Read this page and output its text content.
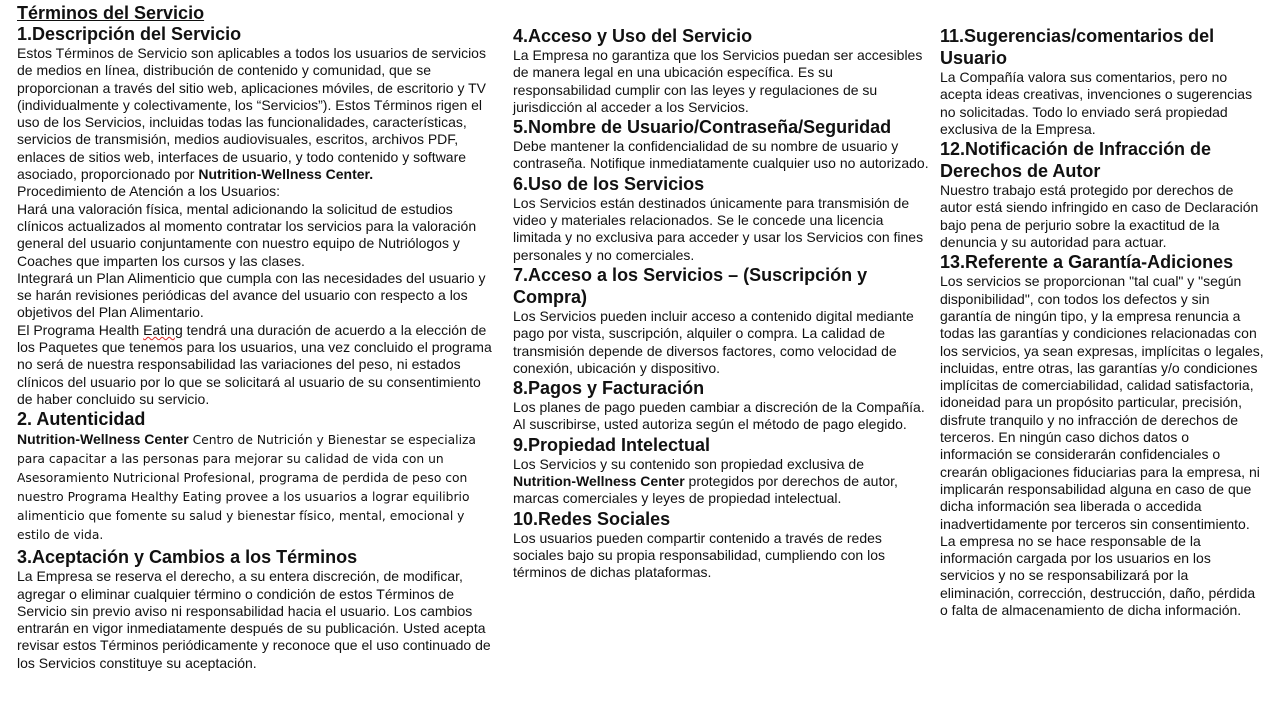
Términos del Servicio
1.Descripción del Servicio

Estos Términos de Servicio son aplicables a todos los usuarios de servicios de medios en línea, distribución de contenido y comunidad, que se proporcionan a través del sitio web, aplicaciones móviles, de escritorio y TV (individualmente y colectivamente, los “Servicios”). Estos Términos rigen el uso de los Servicios, incluidas todas las funcionalidades, características, servicios de transmisión, medios audiovisuales, escritos, archivos PDF, enlaces de sitios web, interfaces de usuario, y todo contenido y software asociado, proporcionado por Nutrition-Wellness Center.

Procedimiento de Atención a los Usuarios:

Hará una valoración física, mental adicionando la solicitud de estudios clínicos actualizados al momento contratar los servicios para la valoración general del usuario conjuntamente con nuestro equipo de Nutriólogos y Coaches que imparten los cursos y las clases.

Integrará un Plan Alimenticio que cumpla con las necesidades del usuario y se harán revisiones periódicas del avance del usuario con respecto a los objetivos del Plan Alimentario.

El Programa Health Eating tendrá una duración de acuerdo a la elección de los Paquetes que tenemos para los usuarios, una vez concluido el programa no será de nuestra responsabilidad las variaciones del peso, ni estados clínicos del usuario por lo que se solicitará al usuario de su consentimiento de haber concluido su servicio.

2. Autenticidad

Nutrition-Wellness Center Centro de Nutrición y Bienestar se especializa para capacitar a las personas para mejorar su calidad de vida con un Asesoramiento Nutricional Profesional, programa de perdida de peso con nuestro Programa Healthy Eating provee a los usuarios a lograr equilibrio alimenticio que fomente su salud y bienestar físico, mental, emocional y estilo de vida.

3.Aceptación y Cambios a los Términos

La Empresa se reserva el derecho, a su entera discreción, de modificar, agregar o eliminar cualquier término o condición de estos Términos de Servicio sin previo aviso ni responsabilidad hacia el usuario. Los cambios entrarán en vigor inmediatamente después de su publicación. Usted acepta revisar estos Términos periódicamente y reconoce que el uso continuado de los Servicios constituye su aceptación.

4.Acceso y Uso del Servicio

La Empresa no garantiza que los Servicios puedan ser accesibles de manera legal en una ubicación específica. Es su responsabilidad cumplir con las leyes y regulaciones de su jurisdicción al acceder a los Servicios.

5.Nombre de Usuario/Contraseña/Seguridad

Debe mantener la confidencialidad de su nombre de usuario y contraseña. Notifique inmediatamente cualquier uso no autorizado.

6.Uso de los Servicios

Los Servicios están destinados únicamente para transmisión de video y materiales relacionados. Se le concede una licencia limitada y no exclusiva para acceder y usar los Servicios con fines personales y no comerciales.

7.Acceso a los Servicios – (Suscripción y Compra)

Los Servicios pueden incluir acceso a contenido digital mediante pago por vista, suscripción, alquiler o compra. La calidad de transmisión depende de diversos factores, como velocidad de conexión, ubicación y dispositivo.

8.Pagos y Facturación

Los planes de pago pueden cambiar a discreción de la Compañía. Al suscribirse, usted autoriza según el método de pago elegido.

9.Propiedad Intelectual

Los Servicios y su contenido son propiedad exclusiva de Nutrition-Wellness Center protegidos por derechos de autor, marcas comerciales y leyes de propiedad intelectual.

10.Redes Sociales

Los usuarios pueden compartir contenido a través de redes sociales bajo su propia responsabilidad, cumpliendo con los términos de dichas plataformas.

11.Sugerencias/comentarios del Usuario

La Compañía valora sus comentarios, pero no acepta ideas creativas, invenciones o sugerencias no solicitadas. Todo lo enviado será propiedad exclusiva de la Empresa.

12.Notificación de Infracción de Derechos de Autor

Nuestro trabajo está protegido por derechos de autor está siendo infringido en caso de Declaración bajo pena de perjurio sobre la exactitud de la denuncia y su autoridad para actuar.

13.Referente a Garantía-Adiciones

Los servicios se proporcionan "tal cual" y "según disponibilidad", con todos los defectos y sin garantía de ningún tipo, y la empresa renuncia a todas las garantías y condiciones relacionadas con los servicios, ya sean expresas, implícitas o legales, incluidas, entre otras, las garantías y/o condiciones implícitas de comerciabilidad, calidad satisfactoria, idoneidad para un propósito particular, precisión, disfrute tranquilo y no infracción de derechos de terceros. En ningún caso dichos datos o información se considerarán confidenciales o crearán obligaciones fiduciarias para la empresa, ni implicarán responsabilidad alguna en caso de que dicha información sea liberada o accedida inadvertidamente por terceros sin consentimiento.

La empresa no se hace responsable de la información cargada por los usuarios en los servicios y no se responsabilizará por la eliminación, corrección, destrucción, daño, pérdida o falta de almacenamiento de dicha información.
